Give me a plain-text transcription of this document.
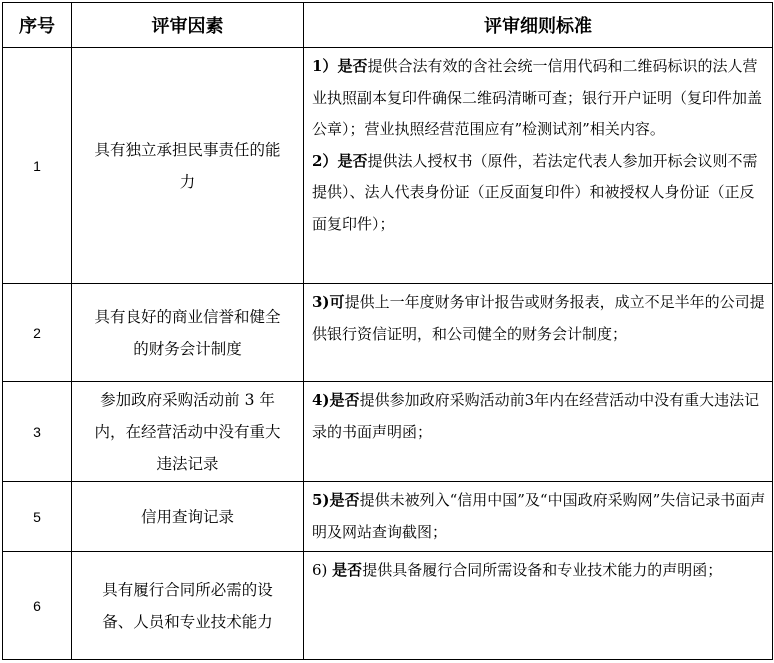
序号	评审因素	评审细则标准
1	具有独立承担民事责任的能力	1）是否提供合法有效的含社会统一信用代码和二维码标识的法人营业执照副本复印件确保二维码清晰可查；银行开户证明（复印件加盖公章）；营业执照经营范围应有”检测试剂”相关内容。

2）是否提供法人授权书（原件，若法定代表人参加开标会议则不需提供）、法人代表身份证（正反面复印件）和被授权人身份证（正反面复印件）；

2	具有良好的商业信誉和健全的财务会计制度	3)可提供上一年度财务审计报告或财务报表，成立不足半年的公司提供银行资信证明，和公司健全的财务会计制度；

3	参加政府采购活动前 3 年内，在经营活动中没有重大违法记录	4)是否提供参加政府采购活动前3年内在经营活动中没有重大违法记录的书面声明函；

5	信用查询记录	5)是否提供未被列入“信用中国”及“中国政府采购网”失信记录书面声明及网站查询截图；

6	具有履行合同所必需的设备、人员和专业技术能力	6) 是否提供具备履行合同所需设备和专业技术能力的声明函；
